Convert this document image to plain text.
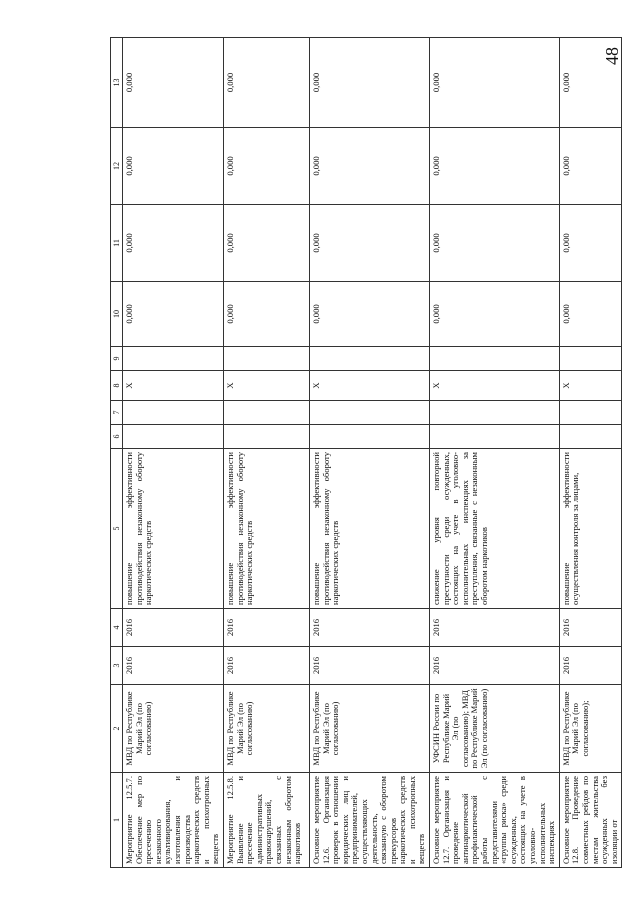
48
1	2	3	4	5	6	7	8	9	10	11	12	13
Мероприятие 12.5.7. Обеспечение мер по пресечению незаконного культивирования, изготовления и производства наркотических средств и психотропных веществ	МВД по Республике Марий Эл (по согласованию)	2016	2016	повышение эффективности противодействия незаконному обороту наркотических средств			Х		0,000	0,000	0,000	0,000
Мероприятие 12.5.8. Выявление и пресечение административных правонарушений, связанных с незаконным оборотом наркотиков	МВД по Республике Марий Эл (по согласованию)	2016	2016	повышение эффективности противодействия незаконному обороту наркотических средств			Х		0,000	0,000	0,000	0,000
Основное мероприятие 12.6. Организация проверок в отношении юридических лиц и предпринимателей, осуществляющих деятельность, связанную с оборотом прекурсоров наркотических средств и психотропных веществ	МВД по Республике Марий Эл (по согласованию)	2016	2016	повышение эффективности противодействия незаконному обороту наркотических средств			Х		0,000	0,000	0,000	0,000
Основное мероприятие 12.7. Организация и проведение антинаркотической профилактической работы с представителями «группы риска» среди осужденных, состоящих на учете в уголовно-исполнительных инспекциях	УФСИН России по Республике Марий Эл (по согласованию); МВД по Республике Марий Эл (по согласованию)	2016	2016	снижение уровня повторной преступности среди осужденных, состоящих на учете в уголовно-исполнительных инспекциях за преступления, связанные с незаконным оборотом наркотиков			Х		0,000	0,000	0,000	0,000
Основное мероприятие 12.8. Проведение совместных рейдов по местам жительства осужденных без изоляции от	МВД по Республике Марий Эл (по согласованию);	2016	2016	повышение эффективности осуществления контроля за лицами,			Х		0,000	0,000	0,000	0,000
